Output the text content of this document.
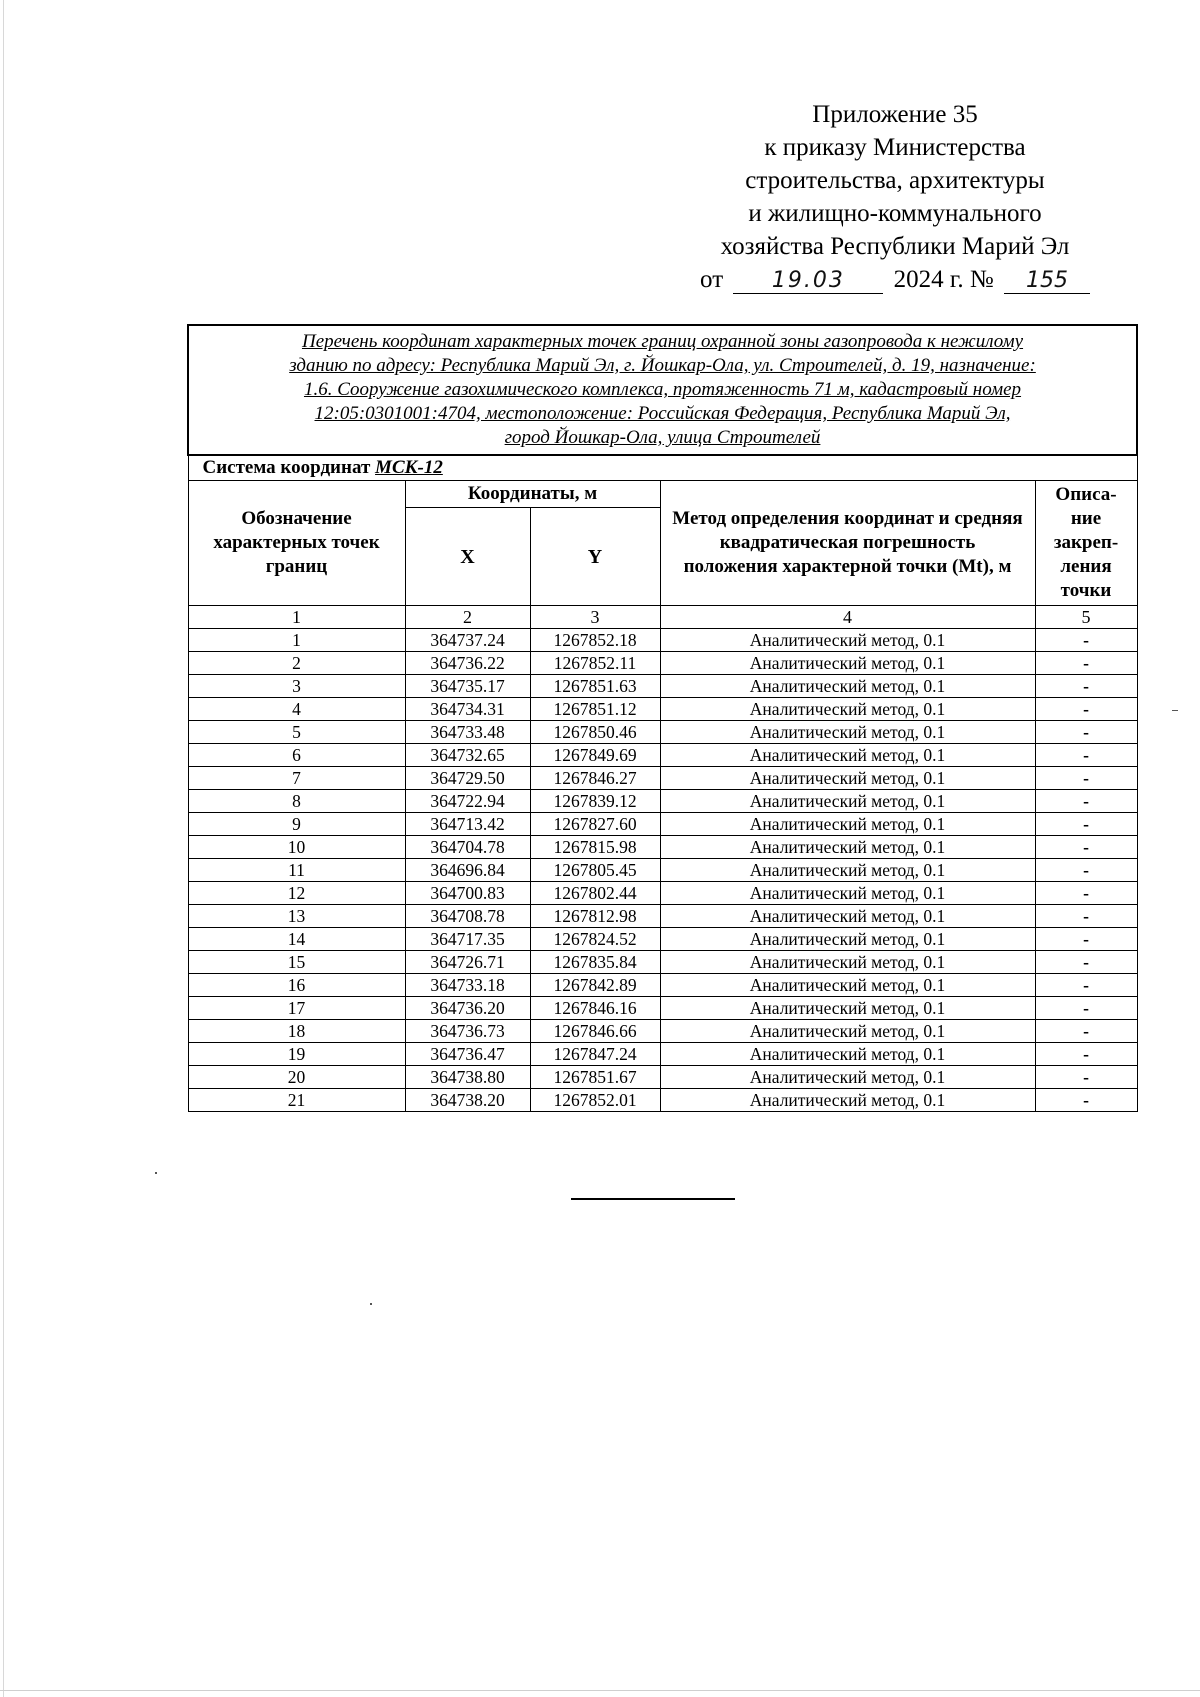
Приложение 35
к приказу Министерства
строительства, архитектуры
и жилищно-коммунального
хозяйства Республики Марий Эл
от 19.03 2024 г. № 155
Перечень координат характерных точек границ охранной зоны газопровода к нежилому
зданию по адресу: Республика Марий Эл, г. Йошкар-Ола, ул. Строителей, д. 19, назначение:
1.6. Сооружение газохимического комплекса, протяженность 71 м, кадастровый номер
12:05:0301001:4704, местоположение: Российская Федерация, Республика Марий Эл,
город Йошкар-Ола, улица Строителей				

Система координат МСК-12				
Обозначение характерных точек границ	Координаты, м		Метод определения координат и средняя квадратическая погрешность положения характерной точки (Mt), м	Описа-
ние
закреп-
ления
точки

	X	Y		
1	2	3	4	5
1	364737.24	1267852.18	Аналитический метод, 0.1	-
2	364736.22	1267852.11	Аналитический метод, 0.1	-
3	364735.17	1267851.63	Аналитический метод, 0.1	-
4	364734.31	1267851.12	Аналитический метод, 0.1	-
5	364733.48	1267850.46	Аналитический метод, 0.1	-
6	364732.65	1267849.69	Аналитический метод, 0.1	-
7	364729.50	1267846.27	Аналитический метод, 0.1	-
8	364722.94	1267839.12	Аналитический метод, 0.1	-
9	364713.42	1267827.60	Аналитический метод, 0.1	-
10	364704.78	1267815.98	Аналитический метод, 0.1	-
11	364696.84	1267805.45	Аналитический метод, 0.1	-
12	364700.83	1267802.44	Аналитический метод, 0.1	-
13	364708.78	1267812.98	Аналитический метод, 0.1	-
14	364717.35	1267824.52	Аналитический метод, 0.1	-
15	364726.71	1267835.84	Аналитический метод, 0.1	-
16	364733.18	1267842.89	Аналитический метод, 0.1	-
17	364736.20	1267846.16	Аналитический метод, 0.1	-
18	364736.73	1267846.66	Аналитический метод, 0.1	-
19	364736.47	1267847.24	Аналитический метод, 0.1	-
20	364738.80	1267851.67	Аналитический метод, 0.1	-
21	364738.20	1267852.01	Аналитический метод, 0.1	-
